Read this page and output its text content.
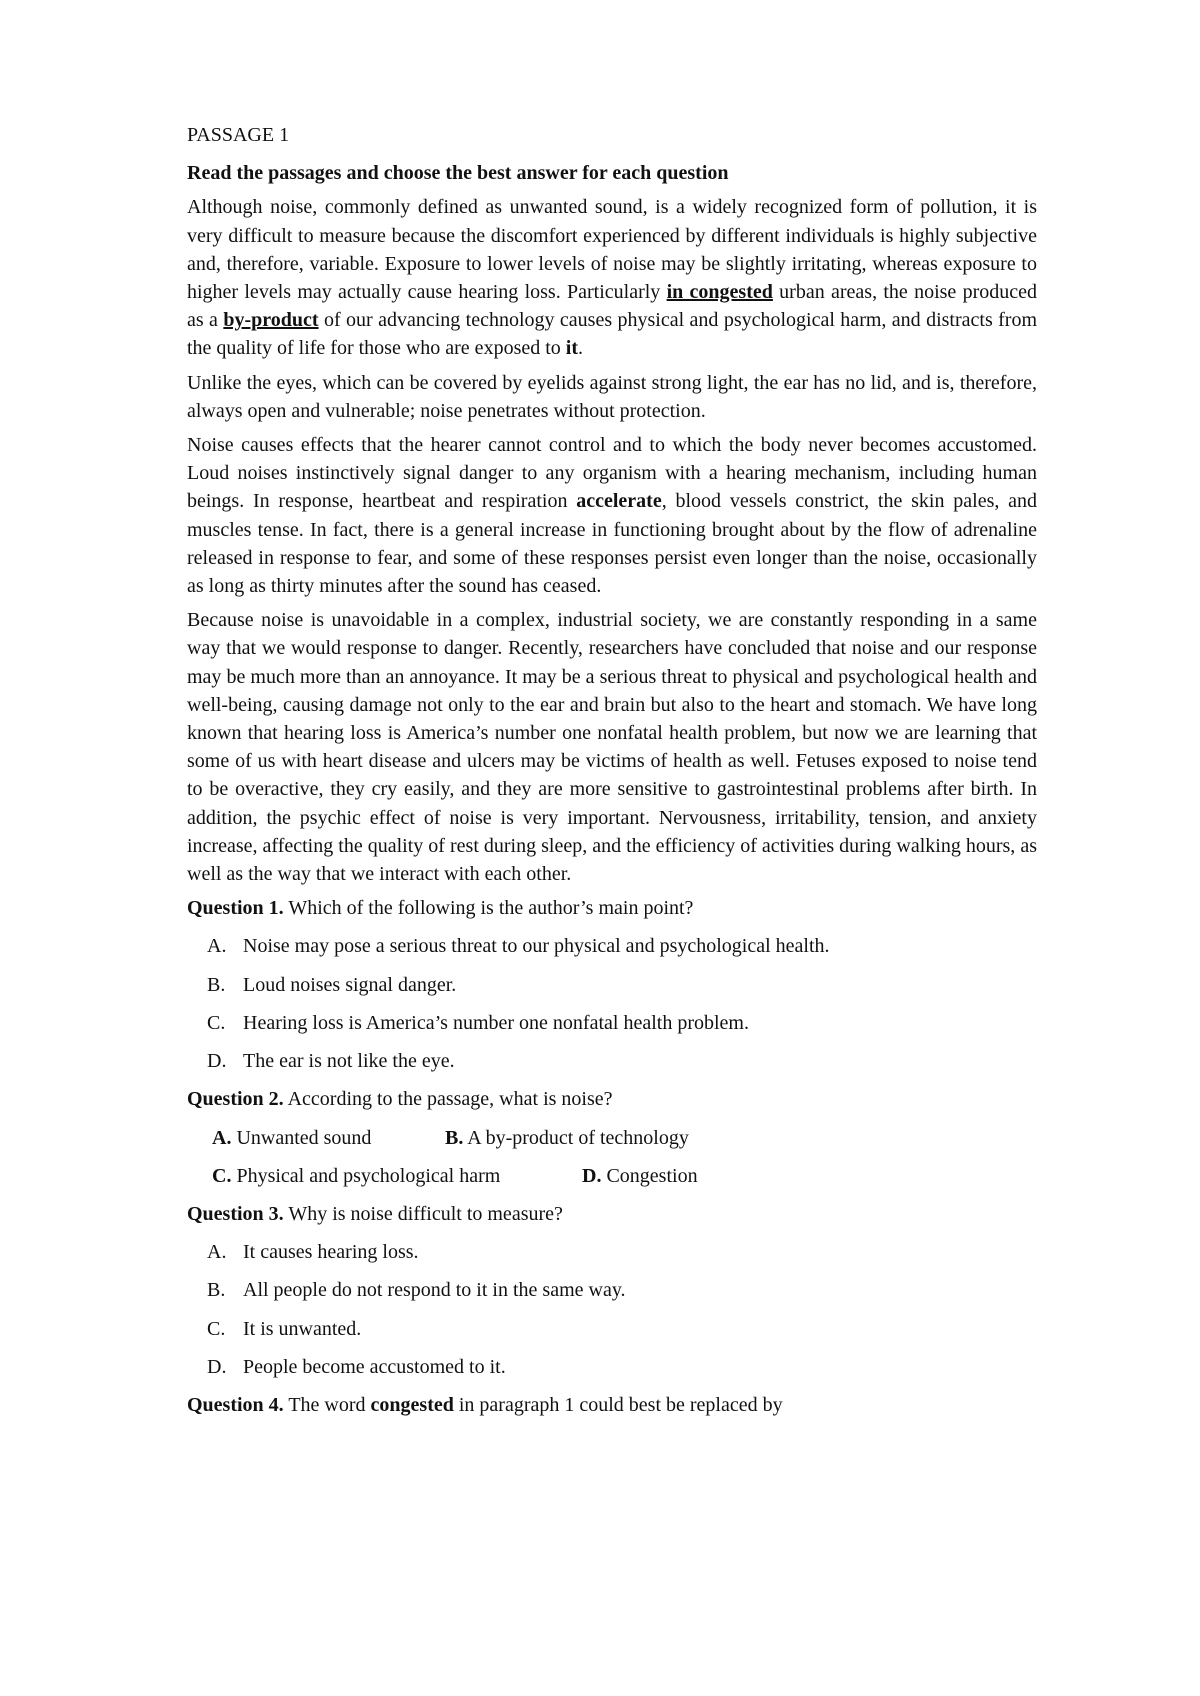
PASSAGE 1
Read the passages and choose the best answer for each question
Although noise, commonly defined as unwanted sound, is a widely recognized form of pollution, it is very difficult to measure because the discomfort experienced by different individuals is highly subjective and, therefore, variable. Exposure to lower levels of noise may be slightly irritating, whereas exposure to higher levels may actually cause hearing loss. Particularly in congested urban areas, the noise produced as a by-product of our advancing technology causes physical and psychological harm, and distracts from the quality of life for those who are exposed to it.
Unlike the eyes, which can be covered by eyelids against strong light, the ear has no lid, and is, therefore, always open and vulnerable; noise penetrates without protection.
Noise causes effects that the hearer cannot control and to which the body never becomes accustomed. Loud noises instinctively signal danger to any organism with a hearing mechanism, including human beings. In response, heartbeat and respiration accelerate, blood vessels constrict, the skin pales, and muscles tense. In fact, there is a general increase in functioning brought about by the flow of adrenaline released in response to fear, and some of these responses persist even longer than the noise, occasionally as long as thirty minutes after the sound has ceased.
Because noise is unavoidable in a complex, industrial society, we are constantly responding in a same way that we would response to danger. Recently, researchers have concluded that noise and our response may be much more than an annoyance. It may be a serious threat to physical and psychological health and well-being, causing damage not only to the ear and brain but also to the heart and stomach. We have long known that hearing loss is America’s number one nonfatal health problem, but now we are learning that some of us with heart disease and ulcers may be victims of health as well. Fetuses exposed to noise tend to be overactive, they cry easily, and they are more sensitive to gastrointestinal problems after birth. In addition, the psychic effect of noise is very important. Nervousness, irritability, tension, and anxiety increase, affecting the quality of rest during sleep, and the efficiency of activities during walking hours, as well as the way that we interact with each other.
Question 1. Which of the following is the author’s main point?
A. Noise may pose a serious threat to our physical and psychological health.
B. Loud noises signal danger.
C. Hearing loss is America’s number one nonfatal health problem.
D. The ear is not like the eye.
Question 2. According to the passage, what is noise?
A. Unwanted sound	B. A by-product of technology
C. Physical and psychological harm	D. Congestion
Question 3. Why is noise difficult to measure?
A. It causes hearing loss.
B. All people do not respond to it in the same way.
C. It is unwanted.
D. People become accustomed to it.
Question 4. The word congested in paragraph 1 could best be replaced by
